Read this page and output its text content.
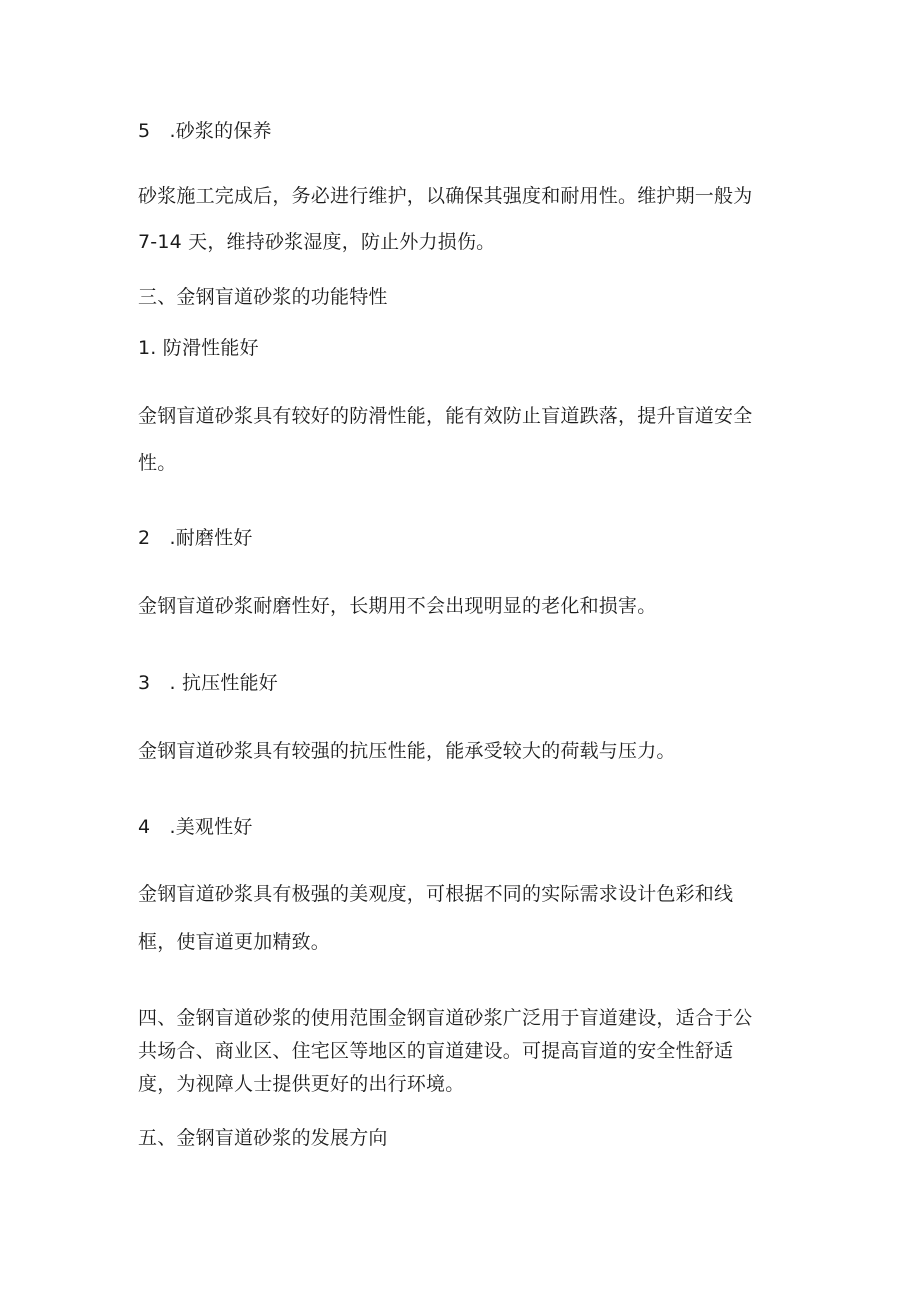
5　.砂浆的保养
砂浆施工完成后，务必进行维护，以确保其强度和耐用性。维护期一般为
7-14 天，维持砂浆湿度，防止外力损伤。
三、金钢盲道砂浆的功能特性
1. 防滑性能好
金钢盲道砂浆具有较好的防滑性能，能有效防止盲道跌落，提升盲道安全
性。
2　.耐磨性好
金钢盲道砂浆耐磨性好，长期用不会出现明显的老化和损害。
3　. 抗压性能好
金钢盲道砂浆具有较强的抗压性能，能承受较大的荷载与压力。
4　.美观性好
金钢盲道砂浆具有极强的美观度，可根据不同的实际需求设计色彩和线
框，使盲道更加精致。
四、金钢盲道砂浆的使用范围金钢盲道砂浆广泛用于盲道建设，适合于公
共场合、商业区、住宅区等地区的盲道建设。可提高盲道的安全性舒适
度，为视障人士提供更好的出行环境。
五、金钢盲道砂浆的发展方向
